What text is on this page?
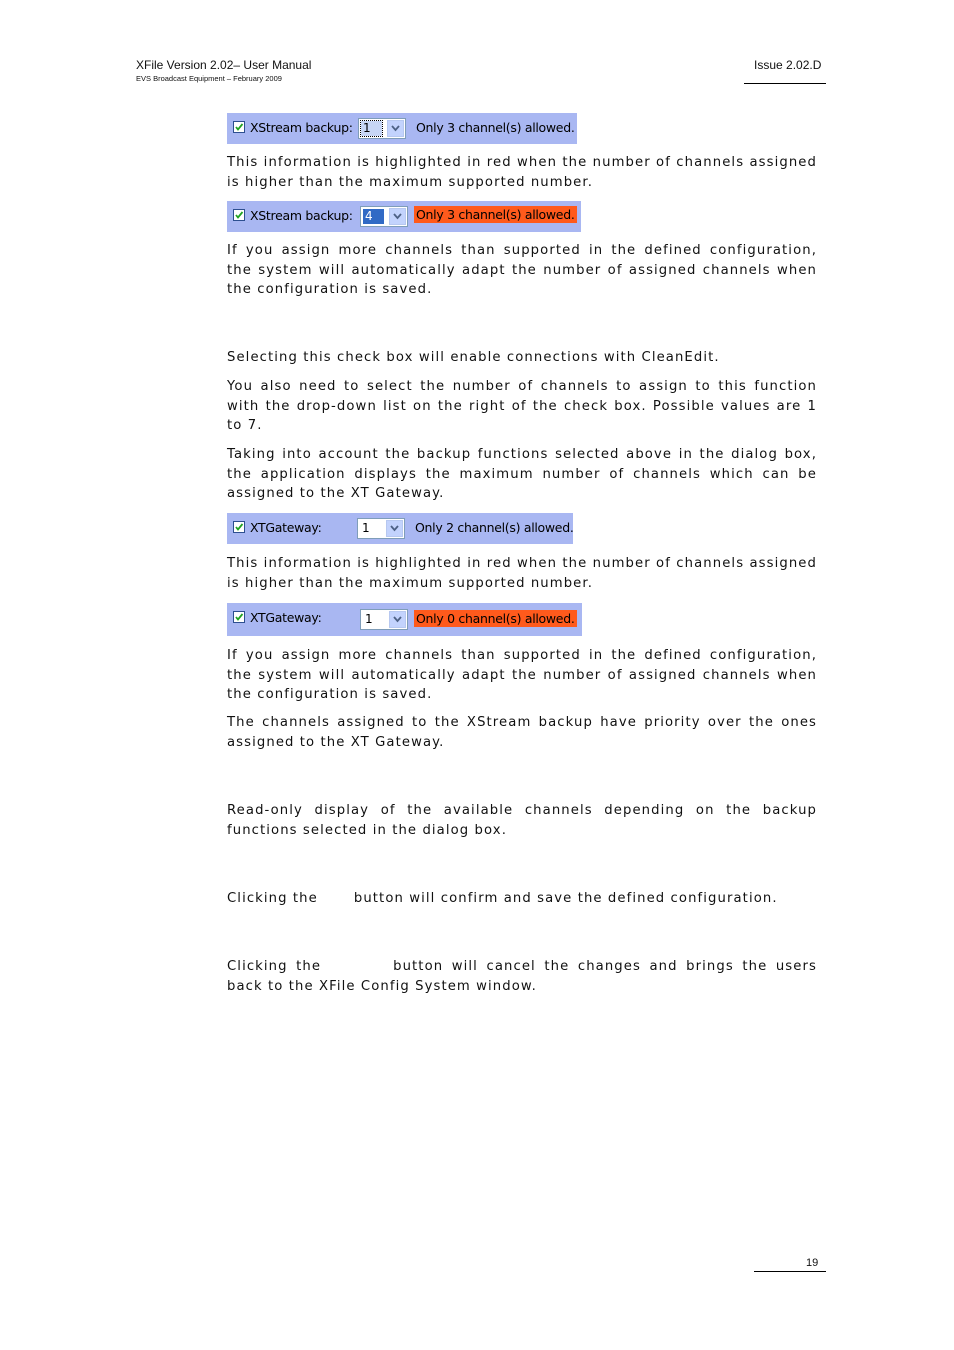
XFile Version 2.02– User Manual
EVS Broadcast Equipment – February 2009
Issue 2.02.D
XStream backup: 1	Only 3 channel(s) allowed.
This information is highlighted in red when the number of channels assigned is higher than the maximum supported number.
XStream backup: 4	Only 3 channel(s) allowed.
If you assign more channels than supported in the defined configuration, the system will automatically adapt the number of assigned channels when the configuration is saved.
Selecting this check box will enable connections with CleanEdit.
You also need to select the number of channels to assign to this function with the drop-down list on the right of the check box. Possible values are 1 to 7.
Taking into account the backup functions selected above in the dialog box, the application displays the maximum number of channels which can be assigned to the XT Gateway.
XTGateway:	1	Only 2 channel(s) allowed.
This information is highlighted in red when the number of channels assigned is higher than the maximum supported number.
XTGateway:	1	Only 0 channel(s) allowed.
If you assign more channels than supported in the defined configuration, the system will automatically adapt the number of assigned channels when the configuration is saved.
The channels assigned to the XStream backup have priority over the ones assigned to the XT Gateway.
Read-only display of the available channels depending on the backup functions selected in the dialog box.
Clicking the	button will confirm and save the defined configuration.
Clicking the	button will cancel the changes and brings the users back to the XFile Config System window.
19
